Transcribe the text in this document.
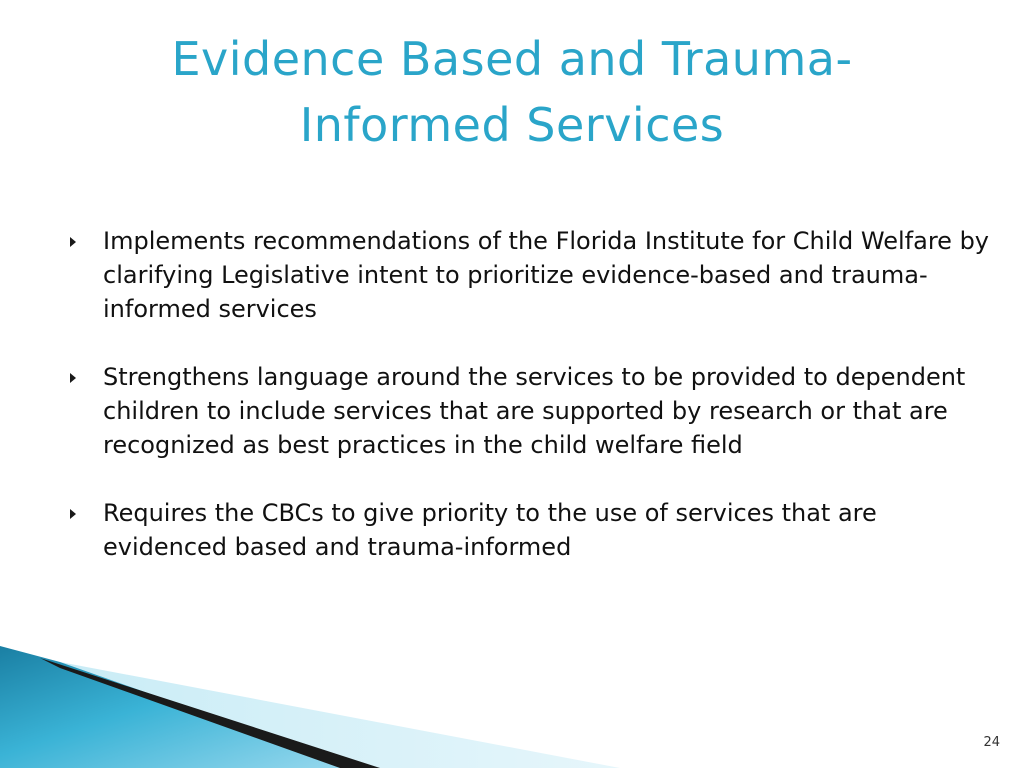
Evidence Based and Trauma-
Informed Services
Implements recommendations of the Florida Institute for Child Welfare by clarifying Legislative intent to prioritize evidence-based and trauma-informed services
Strengthens language around the services to be provided to dependent children to include services that are supported by research or that are recognized as best practices in the child welfare field
Requires the CBCs to give priority to the use of services that are evidenced based and trauma-informed
24
